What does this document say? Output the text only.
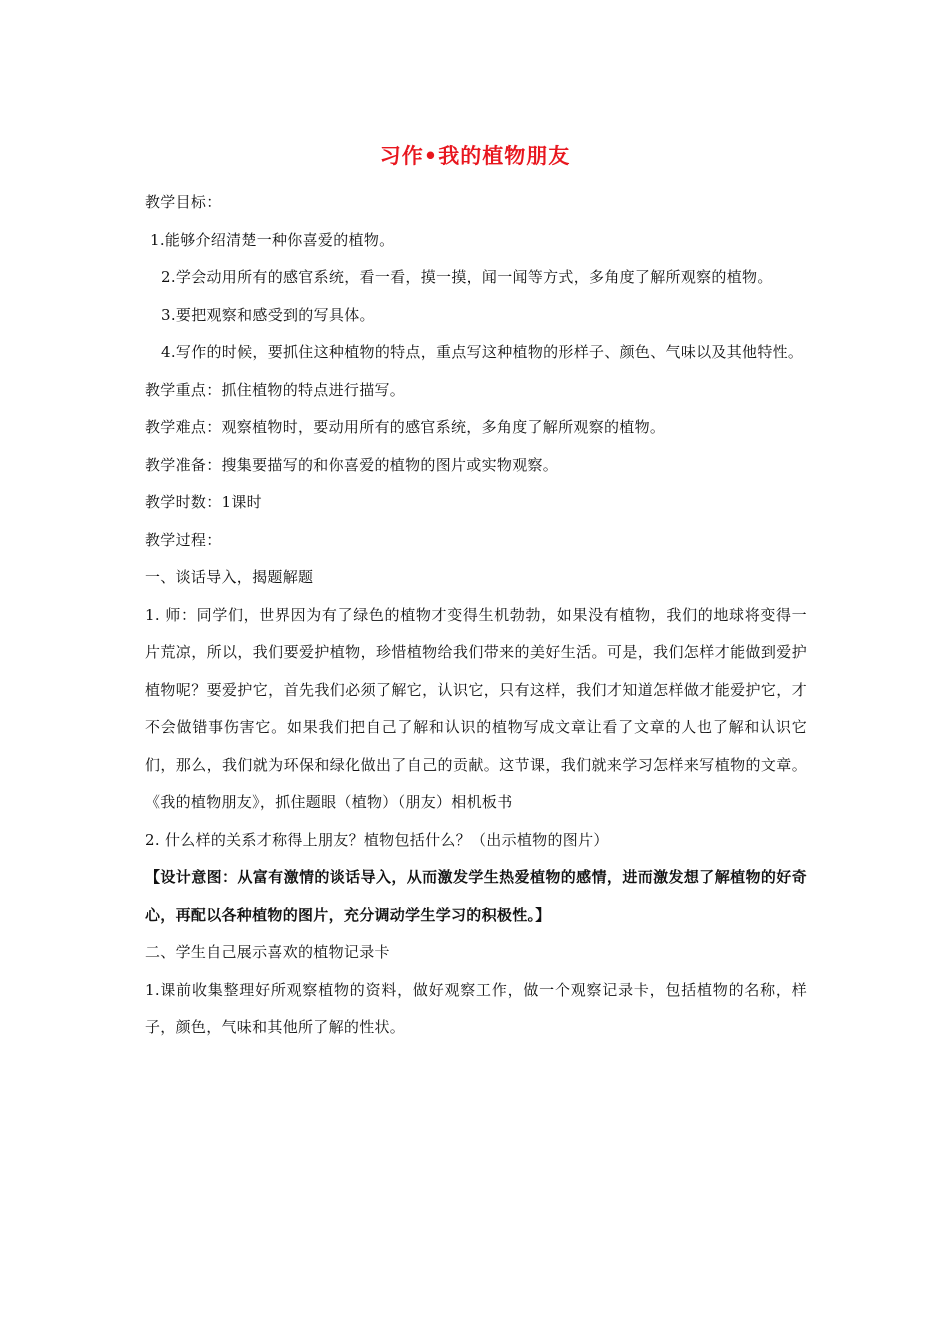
习作•我的植物朋友

教学目标：

1.能够介绍清楚一种你喜爱的植物。

2.学会动用所有的感官系统，看一看，摸一摸，闻一闻等方式，多角度了解所观察的植物。

3.要把观察和感受到的写具体。

4.写作的时候，要抓住这种植物的特点，重点写这种植物的形样子、颜色、气味以及其他特性。

教学重点：抓住植物的特点进行描写。

教学难点：观察植物时，要动用所有的感官系统，多角度了解所观察的植物。

教学准备：搜集要描写的和你喜爱的植物的图片或实物观察。

教学时数：1课时

教学过程：

一、谈话导入，揭题解题

1. 师：同学们，世界因为有了绿色的植物才变得生机勃勃，如果没有植物，我们的地球将变得一片荒凉，所以，我们要爱护植物，珍惜植物给我们带来的美好生活。可是，我们怎样才能做到爱护植物呢？要爱护它，首先我们必须了解它，认识它，只有这样，我们才知道怎样做才能爱护它，才不会做错事伤害它。如果我们把自己了解和认识的植物写成文章让看了文章的人也了解和认识它们，那么，我们就为环保和绿化做出了自己的贡献。这节课，我们就来学习怎样来写植物的文章。《我的植物朋友》，抓住题眼（植物）（朋友）相机板书

2. 什么样的关系才称得上朋友？植物包括什么？（出示植物的图片）

【设计意图：从富有激情的谈话导入，从而激发学生热爱植物的感情，进而激发想了解植物的好奇心，再配以各种植物的图片，充分调动学生学习的积极性。】

二、学生自己展示喜欢的植物记录卡

1.课前收集整理好所观察植物的资料，做好观察工作，做一个观察记录卡，包括植物的名称，样子，颜色，气味和其他所了解的性状。
